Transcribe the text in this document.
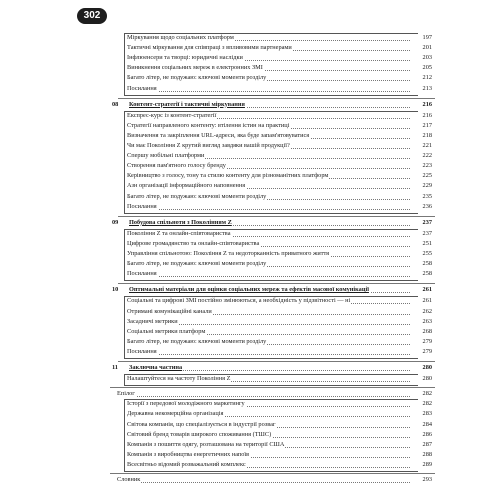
302
Міркування щодо соціальних платформ	197
Тактичні міркування для співпраці з впливовими партнерами	201
Інфлюенсери та творці: юридичні наслідки	203
Виникнення соціальних мереж в електронних ЗМІ	205
Багато літер, не подужаю: ключові моменти розділу	212
Посилання	213
08	Контент-стратегії і тактичні міркування	216
Експрес-курс із контент-стратегії	216
Стратегії направленого контенту: втілення істин на практиці	217
Визначення та закріплення URL-адреси, яка буде запам'ятовуватися	218
Чи має Покоління Z крутий вигляд завдяки вашій продукції?	221
Спершу мобільні платформи	222
Створення пам'ятного голосу бренду	223
Керівництво з голосу, тону та стилю контенту для різноманітних платформ	225
Азн організації інформаційного наповнення	229
Багато літер, не подужаю: ключові моменти розділу	235
Посилання	236
09	Побудова спільноти з Поколінням Z	237
Покоління Z та онлайн-співтовариства	237
Цифрове громадянство та онлайн-співтовариства	251
Управління спільнотою: Покоління Z та недоторканність приватного життя	255
Багато літер, не подужаю: ключові моменти розділу	258
Посилання	258
10	Оптимальні матеріали для оцінки соціальних мереж та ефектів масової комунікації	261
Соціальні та цифрові ЗМІ постійно змінюються, а необхідність у підзвітності — ні	261
Отримані комунікаційні канали	262
Засадничі метрики	263
Соціальні метрики платформ	268
Багато літер, не подужаю: ключові моменти розділу	279
Посилання	279
11	Заключна частина	280
Налаштуйтеся на частоту Покоління Z	280
Епілог	282
Історії з передової молодіжного маркетингу	282
Державна некомерційна організація	283
Світова компанія, що спеціалізується в індустрії розваг	284
Світовий бренд товарів широкого споживання (ТШС)	286
Компанія з пошиття одягу, розташована на території США	287
Компанія з виробництва енергетичних напоїв	288
Всесвітньо відомий розважальний комплекс	289
Словник	293
